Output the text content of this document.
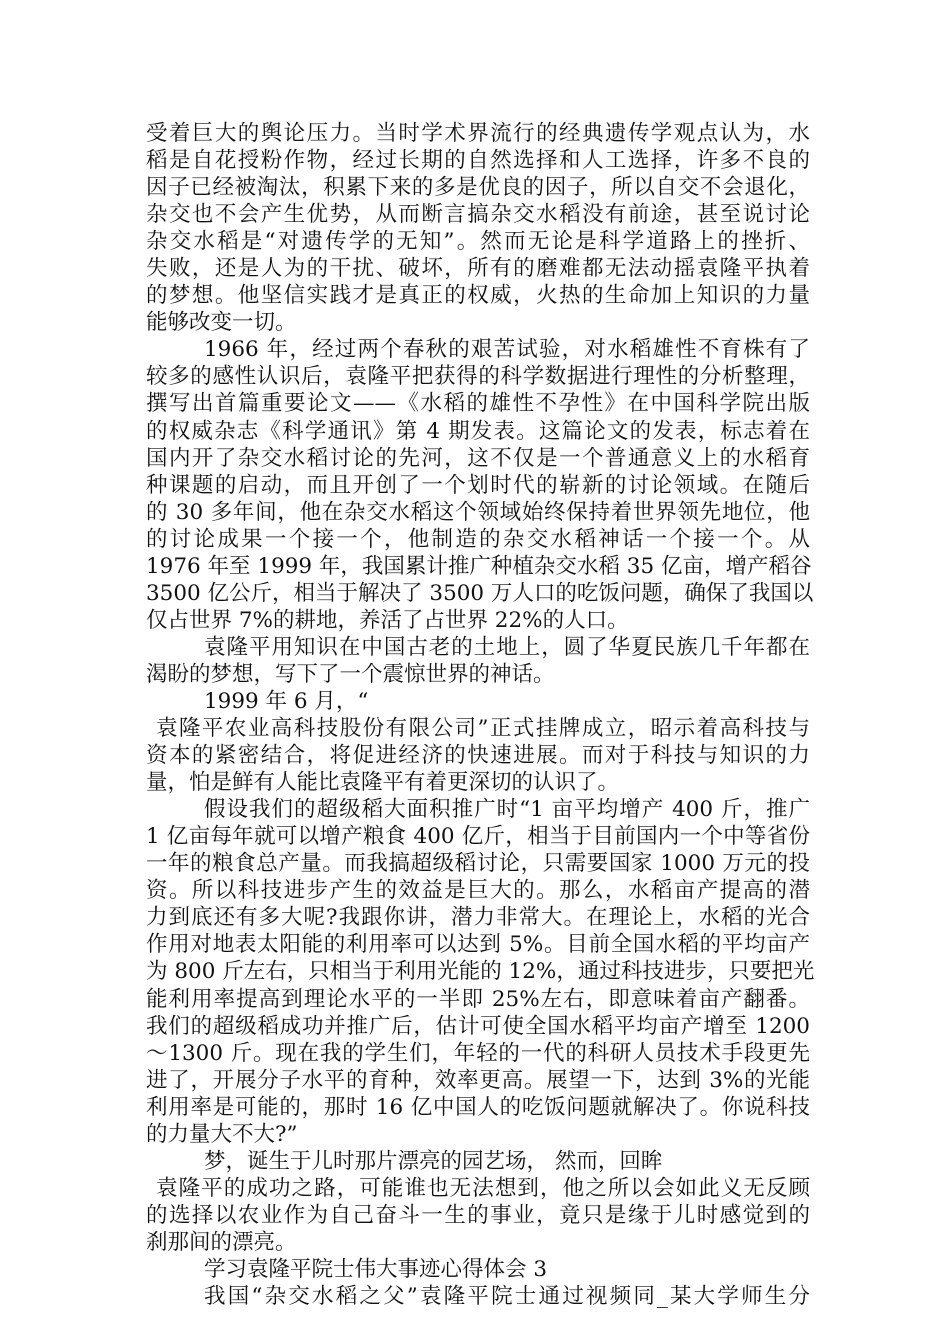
受着巨大的舆论压力。当时学术界流行的经典遗传学观点认为，水
稻是自花授粉作物，经过长期的自然选择和人工选择，许多不良的
因子已经被淘汰，积累下来的多是优良的因子，所以自交不会退化，
杂交也不会产生优势，从而断言搞杂交水稻没有前途，甚至说讨论
杂交水稻是“对遗传学的无知”。然而无论是科学道路上的挫折、
失败，还是人为的干扰、破坏，所有的磨难都无法动摇袁隆平执着
的梦想。他坚信实践才是真正的权威，火热的生命加上知识的力量
能够改变一切。
1966 年，经过两个春秋的艰苦试验，对水稻雄性不育株有了
较多的感性认识后，袁隆平把获得的科学数据进行理性的分析整理，
撰写出首篇重要论文——《水稻的雄性不孕性》在中国科学院出版
的权威杂志《科学通讯》第 4 期发表。这篇论文的发表，标志着在
国内开了杂交水稻讨论的先河，这不仅是一个普通意义上的水稻育
种课题的启动，而且开创了一个划时代的崭新的讨论领域。在随后
的 30 多年间，他在杂交水稻这个领域始终保持着世界领先地位，他
的讨论成果一个接一个，他制造的杂交水稻神话一个接一个。从
1976 年至 1999 年，我国累计推广种植杂交水稻 35 亿亩，增产稻谷
3500 亿公斤，相当于解决了 3500 万人口的吃饭问题，确保了我国以
仅占世界 7%的耕地，养活了占世界 22%的人口。
袁隆平用知识在中国古老的土地上，圆了华夏民族几千年都在
渴盼的梦想，写下了一个震惊世界的神话。
1999 年 6 月，“
袁隆平农业高科技股份有限公司”正式挂牌成立，昭示着高科技与
资本的紧密结合，将促进经济的快速进展。而对于科技与知识的力
量，怕是鲜有人能比袁隆平有着更深切的认识了。
假设我们的超级稻大面积推广时“1 亩平均增产 400 斤，推广
1 亿亩每年就可以增产粮食 400 亿斤，相当于目前国内一个中等省份
一年的粮食总产量。而我搞超级稻讨论，只需要国家 1000 万元的投
资。所以科技进步产生的效益是巨大的。那么，水稻亩产提高的潜
力到底还有多大呢?我跟你讲，潜力非常大。在理论上，水稻的光合
作用对地表太阳能的利用率可以达到 5%。目前全国水稻的平均亩产
为 800 斤左右，只相当于利用光能的 12%，通过科技进步，只要把光
能利用率提高到理论水平的一半即 25%左右，即意味着亩产翻番。
我们的超级稻成功并推广后，估计可使全国水稻平均亩产增至 1200
～1300 斤。现在我的学生们，年轻的一代的科研人员技术手段更先
进了，开展分子水平的育种，效率更高。展望一下，达到 3%的光能
利用率是可能的，那时 16 亿中国人的吃饭问题就解决了。你说科技
的力量大不大?”
梦，诞生于儿时那片漂亮的园艺场， 然而，回眸
袁隆平的成功之路，可能谁也无法想到，他之所以会如此义无反顾
的选择以农业作为自己奋斗一生的事业，竟只是缘于儿时感觉到的
刹那间的漂亮。
学习袁隆平院士伟大事迹心得体会 3
我国“杂交水稻之父”袁隆平院士通过视频同_某大学师生分
